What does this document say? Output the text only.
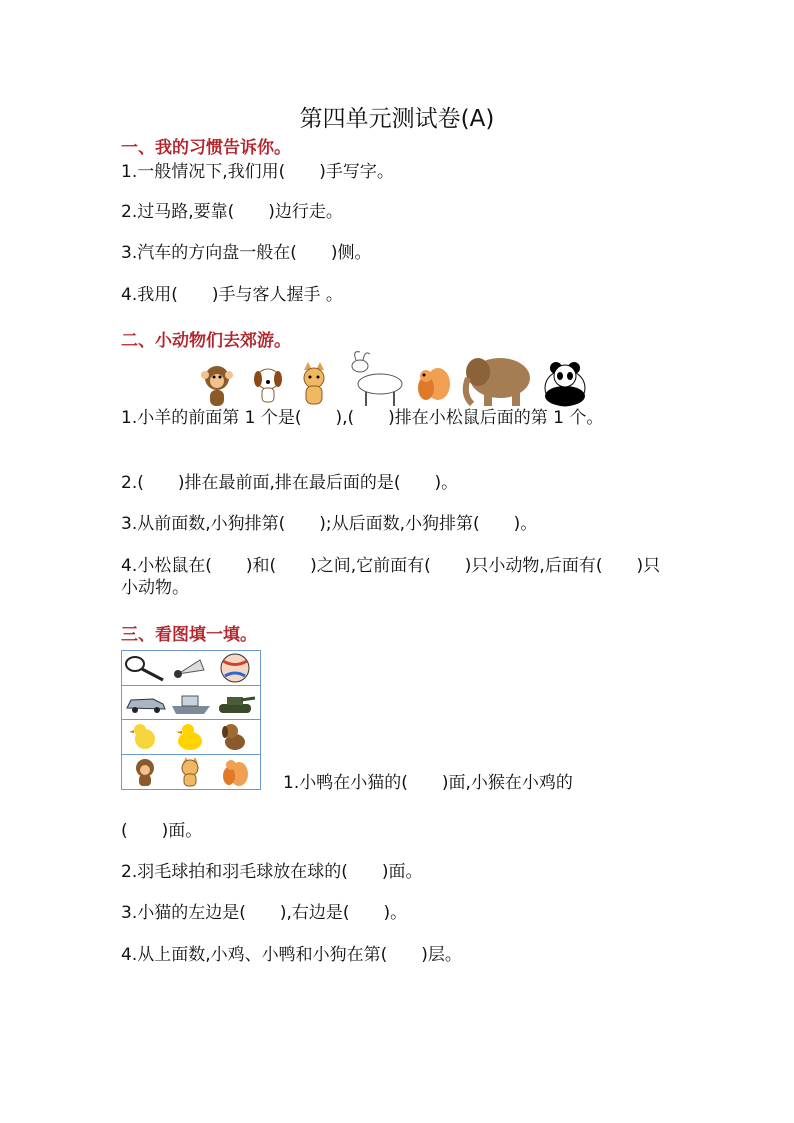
第四单元测试卷(A)
一、我的习惯告诉你。
1.一般情况下,我们用(　　)手写字。
2.过马路,要靠(　　)边行走。
3.汽车的方向盘一般在(　　)侧。
4.我用(　　)手与客人握手 。
二、小动物们去郊游。
1.小羊的前面第 1 个是(　　),(　　)排在小松鼠后面的第 1 个。
2.(　　)排在最前面,排在最后面的是(　　)。
3.从前面数,小狗排第(　　);从后面数,小狗排第(　　)。
4.小松鼠在(　　)和(　　)之间,它前面有(　　)只小动物,后面有(　　)只小动物。
三、看图填一填。
1.小鸭在小猫的(　　)面,小猴在小鸡的
(　　)面。
2.羽毛球拍和羽毛球放在球的(　　)面。
3.小猫的左边是(　　),右边是(　　)。
4.从上面数,小鸡、小鸭和小狗在第(　　)层。
